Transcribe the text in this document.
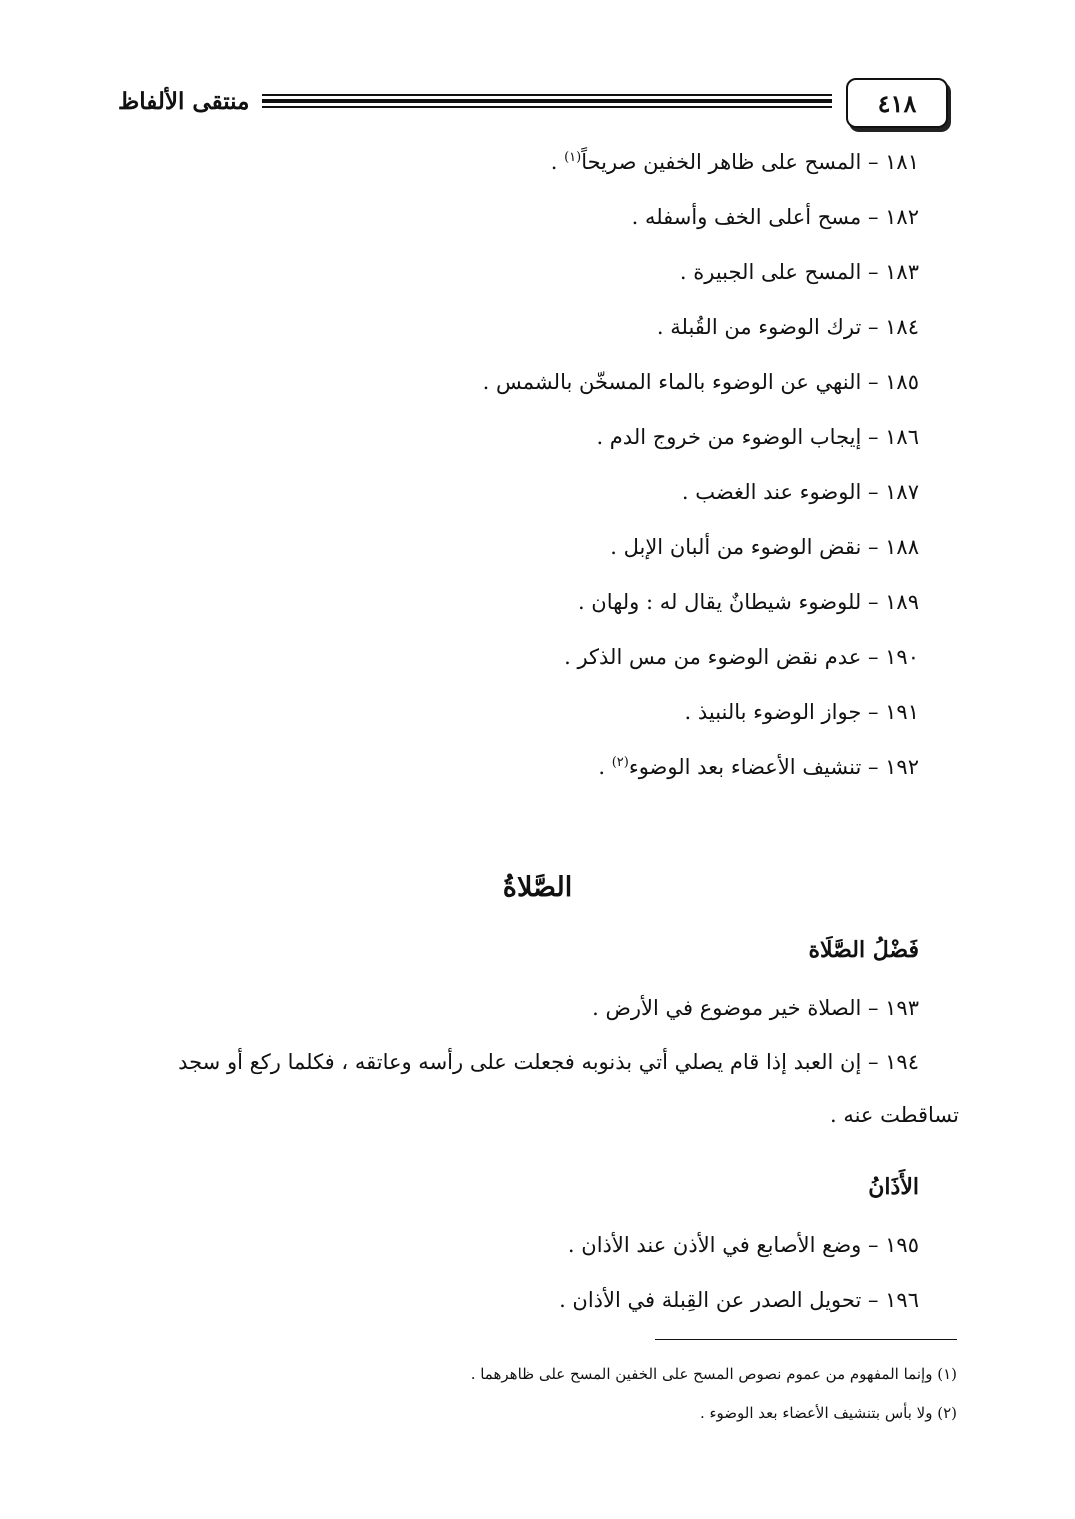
٤١٨
منتقى الألفاظ
١٨١ – المسح على ظاهر الخفين صريحاً$^{(١)}$ .
١٨٢ – مسح أعلى الخف وأسفله .
١٨٣ – المسح على الجبيرة .
١٨٤ – ترك الوضوء من القُبلة .
١٨٥ – النهي عن الوضوء بالماء المسخّن بالشمس .
١٨٦ – إيجاب الوضوء من خروج الدم .
١٨٧ – الوضوء عند الغضب .
١٨٨ – نقض الوضوء من ألبان الإبل .
١٨٩ – للوضوء شيطانٌ يقال له : ولهان .
١٩٠ – عدم نقض الوضوء من مس الذكر .
١٩١ – جواز الوضوء بالنبيذ .
١٩٢ – تنشيف الأعضاء بعد الوضوء$^{(٢)}$ .
الصَّلاةُ
فَضْلُ الصَّلَاة
١٩٣ – الصلاة خير موضوع في الأرض .
١٩٤ – إن العبد إذا قام يصلي أتي بذنوبه فجعلت على رأسه وعاتقه ، فكلما ركع أو سجد
تساقطت عنه .
الأَذَانُ
١٩٥ – وضع الأصابع في الأذن عند الأذان .
١٩٦ – تحويل الصدر عن القِبلة في الأذان .
(١) وإنما المفهوم من عموم نصوص المسح على الخفين المسح على ظاهرهما .
(٢) ولا بأس بتنشيف الأعضاء بعد الوضوء .
